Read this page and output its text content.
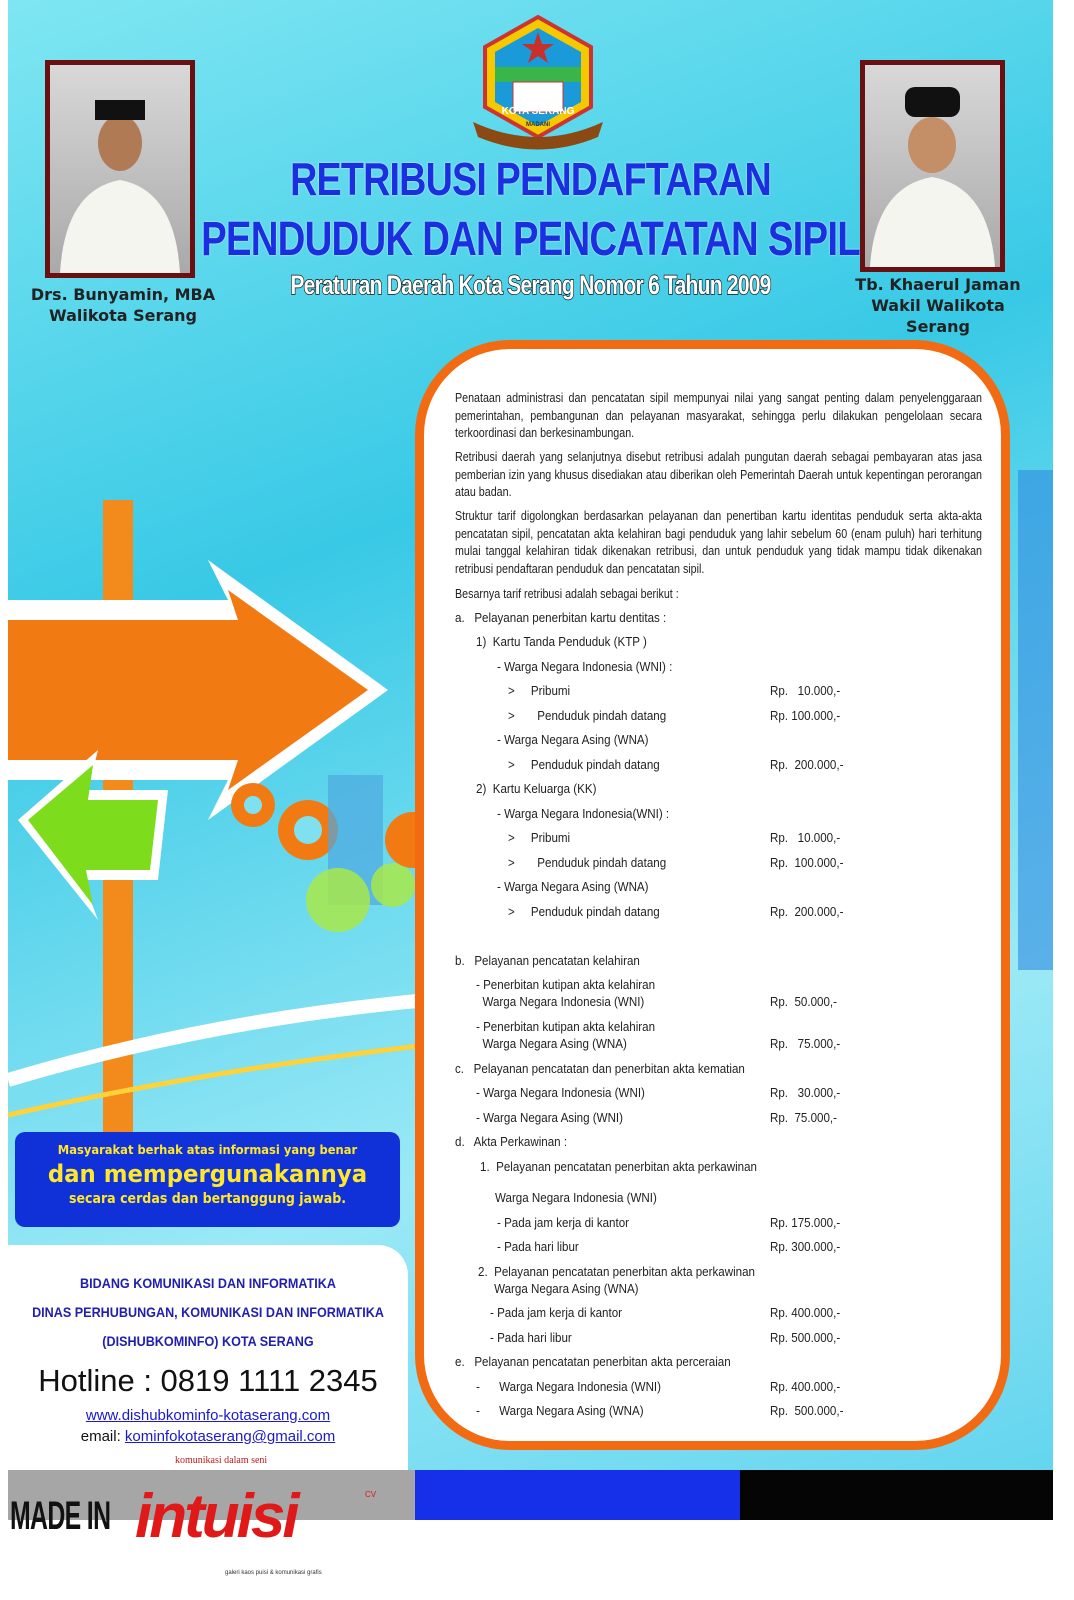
KOTA SERANG
MADANI
RETRIBUSI PENDAFTARAN
PENDUDUK DAN PENCATATAN SIPIL
Peraturan Daerah Kota Serang Nomor 6 Tahun 2009
Drs. Bunyamin, MBA
Walikota Serang
Tb. Khaerul Jaman
Wakil Walikota
Serang
Masyarakat berhak atas informasi yang benar
dan mempergunakannya
secara cerdas dan bertanggung jawab.
Penataan administrasi dan pencatatan sipil mempunyai nilai yang sangat penting dalam penyelenggaraan pemerintahan, pembangunan dan pelayanan masyarakat, sehingga perlu dilakukan pengelolaan secara terkoordinasi dan berkesinambungan.
Retribusi daerah yang selanjutnya disebut retribusi adalah pungutan daerah sebagai pembayaran atas jasa pemberian izin yang khusus disediakan atau diberikan oleh Pemerintah Daerah untuk kepentingan perorangan atau badan.
Struktur tarif digolongkan berdasarkan pelayanan dan penertiban kartu identitas penduduk serta akta-akta pencatatan sipil, pencatatan akta kelahiran bagi penduduk yang lahir sebelum 60 (enam puluh) hari terhitung mulai tanggal kelahiran tidak dikenakan retribusi, dan untuk penduduk yang tidak mampu tidak dikenakan retribusi pendaftaran penduduk dan pencatatan sipil.
Besarnya tarif retribusi adalah sebagai berikut :
a.   Pelayanan penerbitan kartu dentitas :
1)  Kartu Tanda Penduduk (KTP )
- Warga Negara Indonesia (WNI) :
>     Pribumi	Rp.   10.000,-
>       Penduduk pindah datang	Rp. 100.000,-
- Warga Negara Asing (WNA)
>     Penduduk pindah datang	Rp.  200.000,-
2)  Kartu Keluarga (KK)
- Warga Negara Indonesia(WNI) :
>     Pribumi	Rp.   10.000,-
>       Penduduk pindah datang	Rp.  100.000,-
- Warga Negara Asing (WNA)
>     Penduduk pindah datang	Rp.  200.000,-
b.   Pelayanan pencatatan kelahiran
- Penerbitan kutipan akta kelahiran
Warga Negara Indonesia (WNI)	Rp.  50.000,-
- Penerbitan kutipan akta kelahiran
Warga Negara Asing (WNA)	Rp.   75.000,-
c.   Pelayanan pencatatan dan penerbitan akta kematian
- Warga Negara Indonesia (WNI)	Rp.   30.000,-
- Warga Negara Asing (WNI)	Rp.  75.000,-
d.   Akta Perkawinan :
1.  Pelayanan pencatatan penerbitan akta perkawinan
Warga Negara Indonesia (WNI)
- Pada jam kerja di kantor	Rp. 175.000,-
- Pada hari libur	Rp. 300.000,-
2.  Pelayanan pencatatan penerbitan akta perkawinan
Warga Negara Asing (WNA)
- Pada jam kerja di kantor	Rp. 400.000,-
- Pada hari libur	Rp. 500.000,-
e.   Pelayanan pencatatan penerbitan akta perceraian
-      Warga Negara Indonesia (WNI)	Rp. 400.000,-
-      Warga Negara Asing (WNA)	Rp.  500.000,-
BIDANG KOMUNIKASI DAN INFORMATIKA
DINAS PERHUBUNGAN, KOMUNIKASI DAN INFORMATIKA
(DISHUBKOMINFO) KOTA SERANG
Hotline : 0819 1111 2345
www.dishubkominfo-kotaserang.com
email: kominfokotaserang@gmail.com
MADE IN intuisi	CV
komunikasi dalam seni
galeri kaos puisi & komunikasi grafis
